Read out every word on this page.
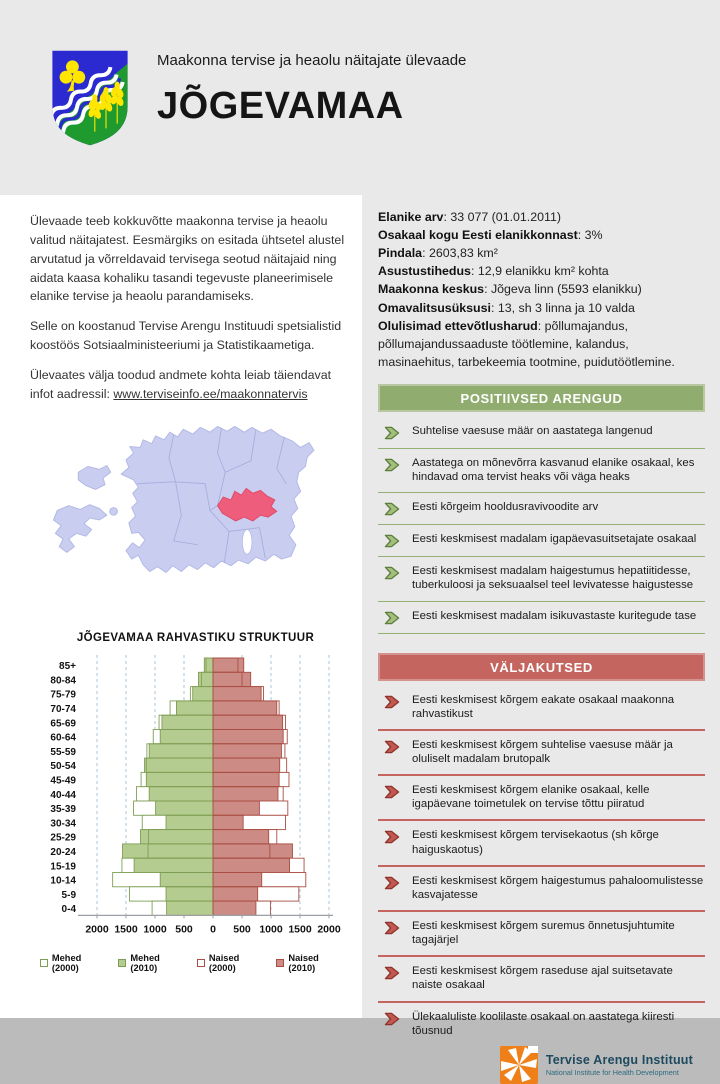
Maakonna tervise ja heaolu näitajate ülevaade
JÕGEVAMAA

Ülevaade teeb kokkuvõtte maakonna tervise ja heaolu valitud näitajatest. Eesmärgiks on esitada ühtsetel alustel arvutatud ja võrreldavaid tervisega seotud näitajaid ning aidata kaasa kohaliku tasandi tegevuste planeerimisele elanike tervise ja heaolu parandamiseks.

Selle on koostanud Tervise Arengu Instituudi spetsialistid koostöös Sotsiaalministeeriumi ja Statistikaametiga.

Ülevaates välja toodud andmete kohta leiab täiendavat infot aadressil: www.terviseinfo.ee/maakonnatervis

JÕGEVAMAA RAHVASTIKU STRUKTUUR
85+
80-84
75-79
70-74
65-69
60-64
55-59
50-54
45-49
40-44
35-39
30-34
25-29
20-24
15-19
10-14
5-9
0-4
2000 1500 1000 500 0 500 1000 1500 2000
Mehed (2000)
Mehed (2010)
Naised (2000)
Naised (2010)
Elanike arv: 33 077 (01.01.2011)
Osakaal kogu Eesti elanikkonnast: 3%
Pindala: 2603,83 km²
Asustustihedus: 12,9 elanikku km² kohta
Maakonna keskus: Jõgeva linn (5593 elanikku)
Omavalitsusüksusi: 13, sh 3 linna ja 10 valda
Olulisimad ettevõtlusharud: põllumajandus, põllumajandussaaduste töötlemine, kalandus, masinaehitus, tarbekeemia tootmine, puidutöötlemine.
POSITIIVSED ARENGUD
Suhtelise vaesuse määr on aastatega langenud
Aastatega on mõnevõrra kasvanud elanike osakaal, kes hindavad oma tervist heaks või väga heaks
Eesti kõrgeim hooldusravivoodite arv
Eesti keskmisest madalam igapäevasuitsetajate osakaal
Eesti keskmisest madalam haigestumus hepatiitidesse, tuberkuloosi ja seksuaalsel teel levivatesse haigustesse
Eesti keskmisest madalam isikuvastaste kuritegude tase
VÄLJAKUTSED
Eesti keskmisest kõrgem eakate osakaal maakonna rahvastikust
Eesti keskmisest kõrgem suhtelise vaesuse määr ja oluliselt madalam brutopalk
Eesti keskmisest kõrgem elanike osakaal, kelle igapäevane toimetulek on tervise tõttu piiratud
Eesti keskmisest kõrgem tervisekaotus (sh kõrge haiguskaotus)
Eesti keskmisest kõrgem haigestumus pahaloomulistesse kasvajatesse
Eesti keskmisest kõrgem suremus õnnetusjuhtumite tagajärjel
Eesti keskmisest kõrgem raseduse ajal suitsetavate naiste osakaal
Ülekaaluliste koolilaste osakaal on aastatega kiiresti tõusnud
Tervise Arengu Instituut
National Institute for Health Development
